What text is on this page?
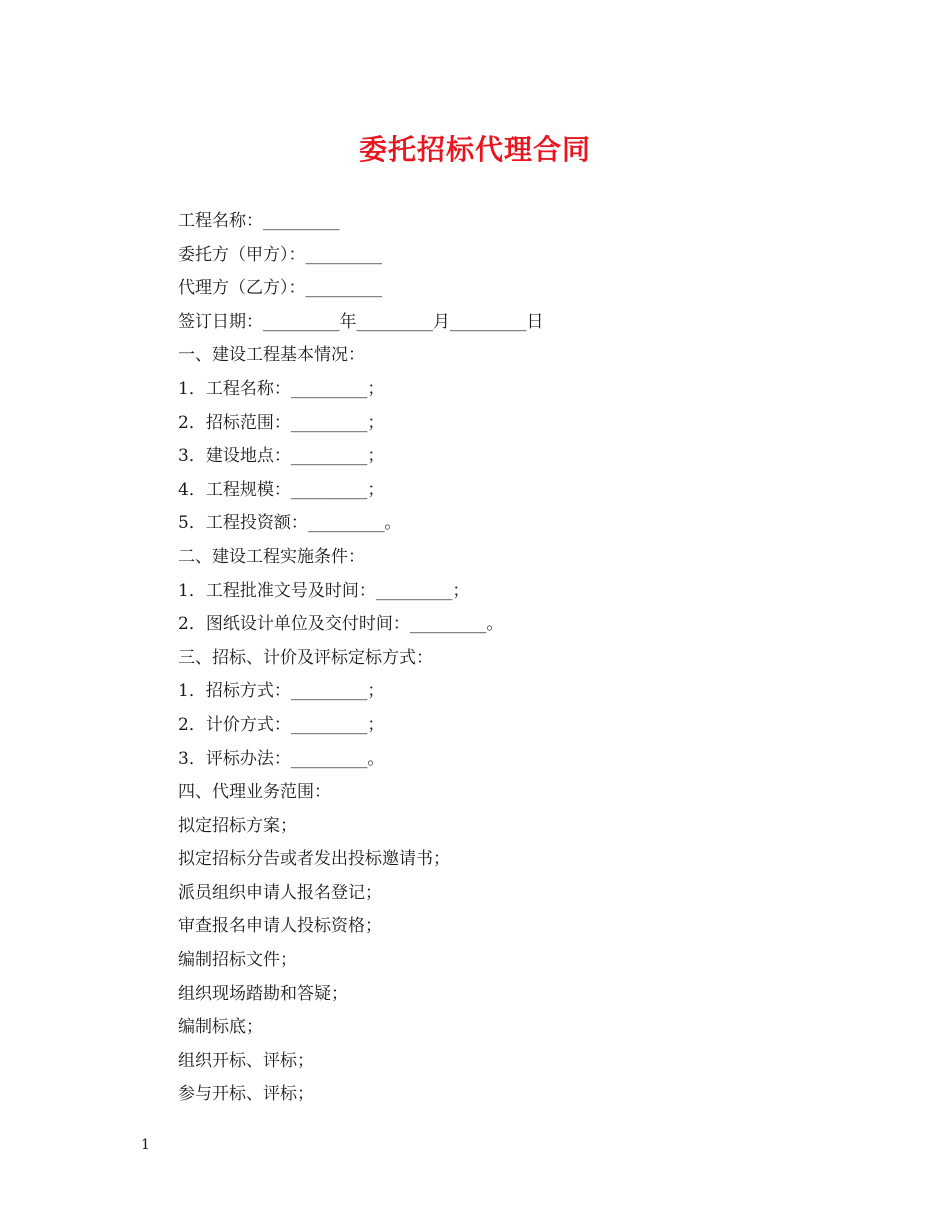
委托招标代理合同
工程名称：_________
委托方（甲方）：_________
代理方（乙方）：_________
签订日期：_________年_________月_________日
一、建设工程基本情况：
1．工程名称：_________；
2．招标范围：_________；
3．建设地点：_________；
4．工程规模：_________；
5．工程投资额：_________。
二、建设工程实施条件：
1．工程批准文号及时间：_________；
2．图纸设计单位及交付时间：_________。
三、招标、计价及评标定标方式：
1．招标方式：_________；
2．计价方式：_________；
3．评标办法：_________。
四、代理业务范围：
拟定招标方案；
拟定招标分告或者发出投标邀请书；
派员组织申请人报名登记；
审查报名申请人投标资格；
编制招标文件；
组织现场踏勘和答疑；
编制标底；
组织开标、评标；
参与开标、评标；
1
